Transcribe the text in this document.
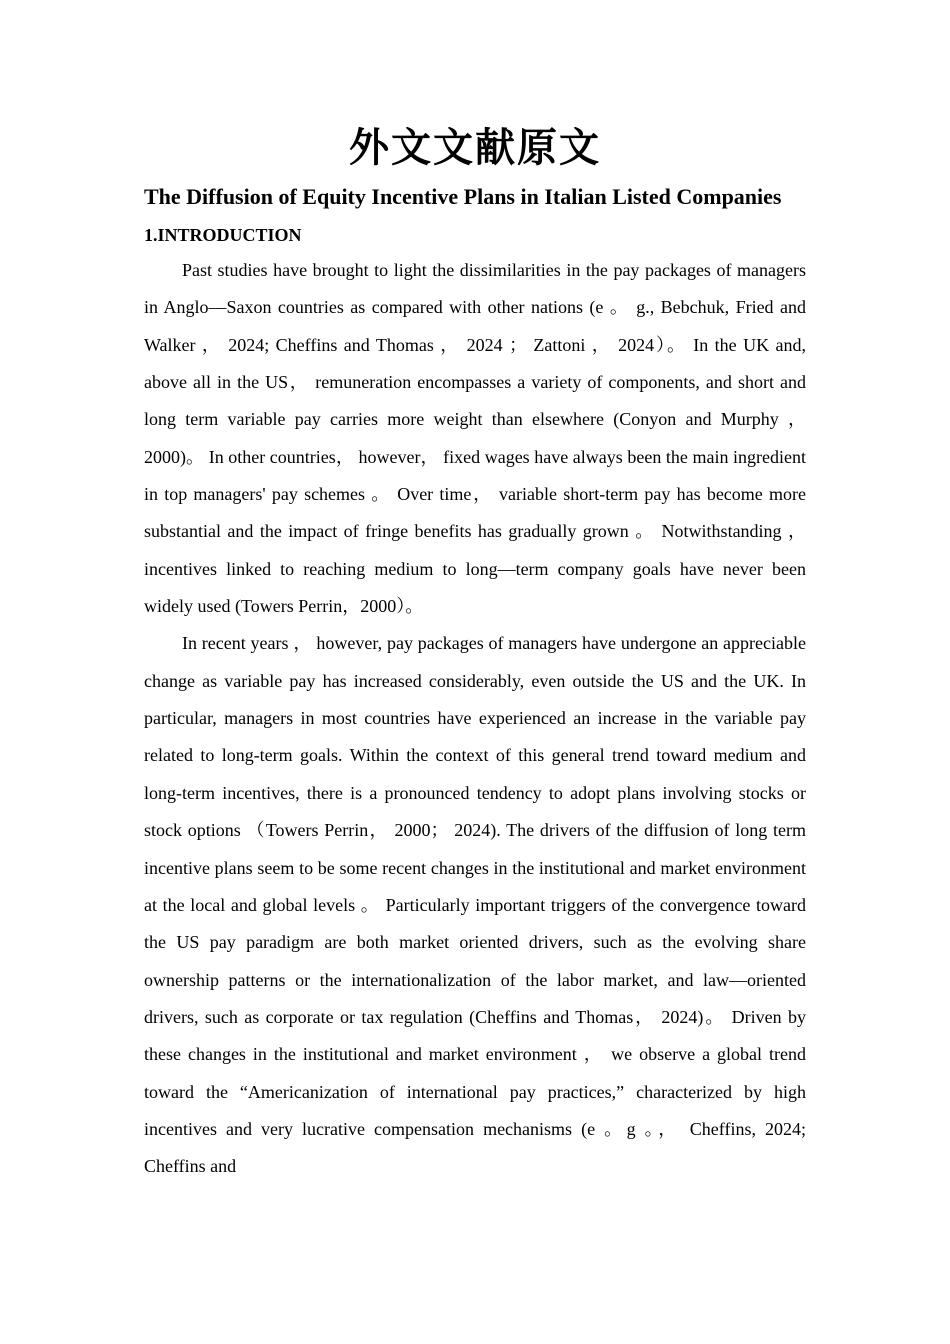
外文文献原文
The Diffusion of Equity Incentive Plans in Italian Listed Companies
1.INTRODUCTION

Past studies have brought to light the dissimilarities in the pay packages of managers in Anglo—Saxon countries as compared with other nations (e 。 g., Bebchuk, Fried and Walker ， 2024; Cheffins and Thomas ， 2024 ； Zattoni ， 2024）。 In the UK and, above all in the US， remuneration encompasses a variety of components, and short and long term variable pay carries more weight than elsewhere (Conyon and Murphy ， 2000)。 In other countries， however， fixed wages have always been the main ingredient in top managers' pay schemes 。 Over time， variable short-term pay has become more substantial and the impact of fringe benefits has gradually grown 。 Notwithstanding ， incentives linked to reaching medium to long—term company goals have never been widely used (Towers Perrin，2000）。

In recent years ， however, pay packages of managers have undergone an appreciable change as variable pay has increased considerably, even outside the US and the UK. In particular, managers in most countries have experienced an increase in the variable pay related to long-term goals. Within the context of this general trend toward medium and long-term incentives, there is a pronounced tendency to adopt plans involving stocks or stock options （Towers Perrin， 2000； 2024). The drivers of the diffusion of long term incentive plans seem to be some recent changes in the institutional and market environment at the local and global levels 。 Particularly important triggers of the convergence toward the US pay paradigm are both market oriented drivers, such as the evolving share ownership patterns or the internationalization of the labor market, and law—oriented drivers, such as corporate or tax regulation (Cheffins and Thomas， 2024)。 Driven by these changes in the institutional and market environment ， we observe a global trend toward the “Americanization of international pay practices,” characterized by high incentives and very lucrative compensation mechanisms (e 。g 。， Cheffins, 2024; Cheffins and
